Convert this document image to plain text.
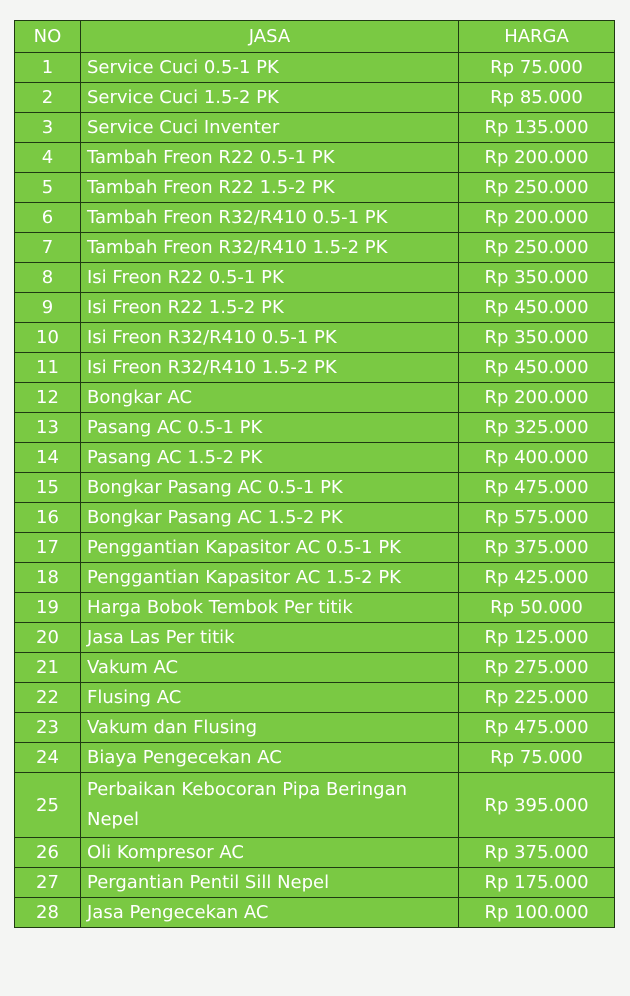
NO	JASA	HARGA
1	Service Cuci 0.5-1 PK	Rp 75.000
2	Service Cuci 1.5-2 PK	Rp 85.000
3	Service Cuci Inventer	Rp 135.000
4	Tambah Freon R22 0.5-1 PK	Rp 200.000
5	Tambah Freon R22 1.5-2 PK	Rp 250.000
6	Tambah Freon R32/R410 0.5-1 PK	Rp 200.000
7	Tambah Freon R32/R410 1.5-2 PK	Rp 250.000
8	Isi Freon R22 0.5-1 PK	Rp 350.000
9	Isi Freon R22 1.5-2 PK	Rp 450.000
10	Isi Freon R32/R410 0.5-1 PK	Rp 350.000
11	Isi Freon R32/R410 1.5-2 PK	Rp 450.000
12	Bongkar AC	Rp 200.000
13	Pasang AC 0.5-1 PK	Rp 325.000
14	Pasang AC 1.5-2 PK	Rp 400.000
15	Bongkar Pasang AC 0.5-1 PK	Rp 475.000
16	Bongkar Pasang AC 1.5-2 PK	Rp 575.000
17	Penggantian Kapasitor AC 0.5-1 PK	Rp 375.000
18	Penggantian Kapasitor AC 1.5-2 PK	Rp 425.000
19	Harga Bobok Tembok Per titik	Rp 50.000
20	Jasa Las Per titik	Rp 125.000
21	Vakum AC	Rp 275.000
22	Flusing AC	Rp 225.000
23	Vakum dan Flusing	Rp 475.000
24	Biaya Pengecekan AC	Rp 75.000
25	Perbaikan Kebocoran Pipa Beringan Nepel	Rp 395.000
26	Oli Kompresor AC	Rp 375.000
27	Pergantian Pentil Sill Nepel	Rp 175.000
28	Jasa Pengecekan AC	Rp 100.000
